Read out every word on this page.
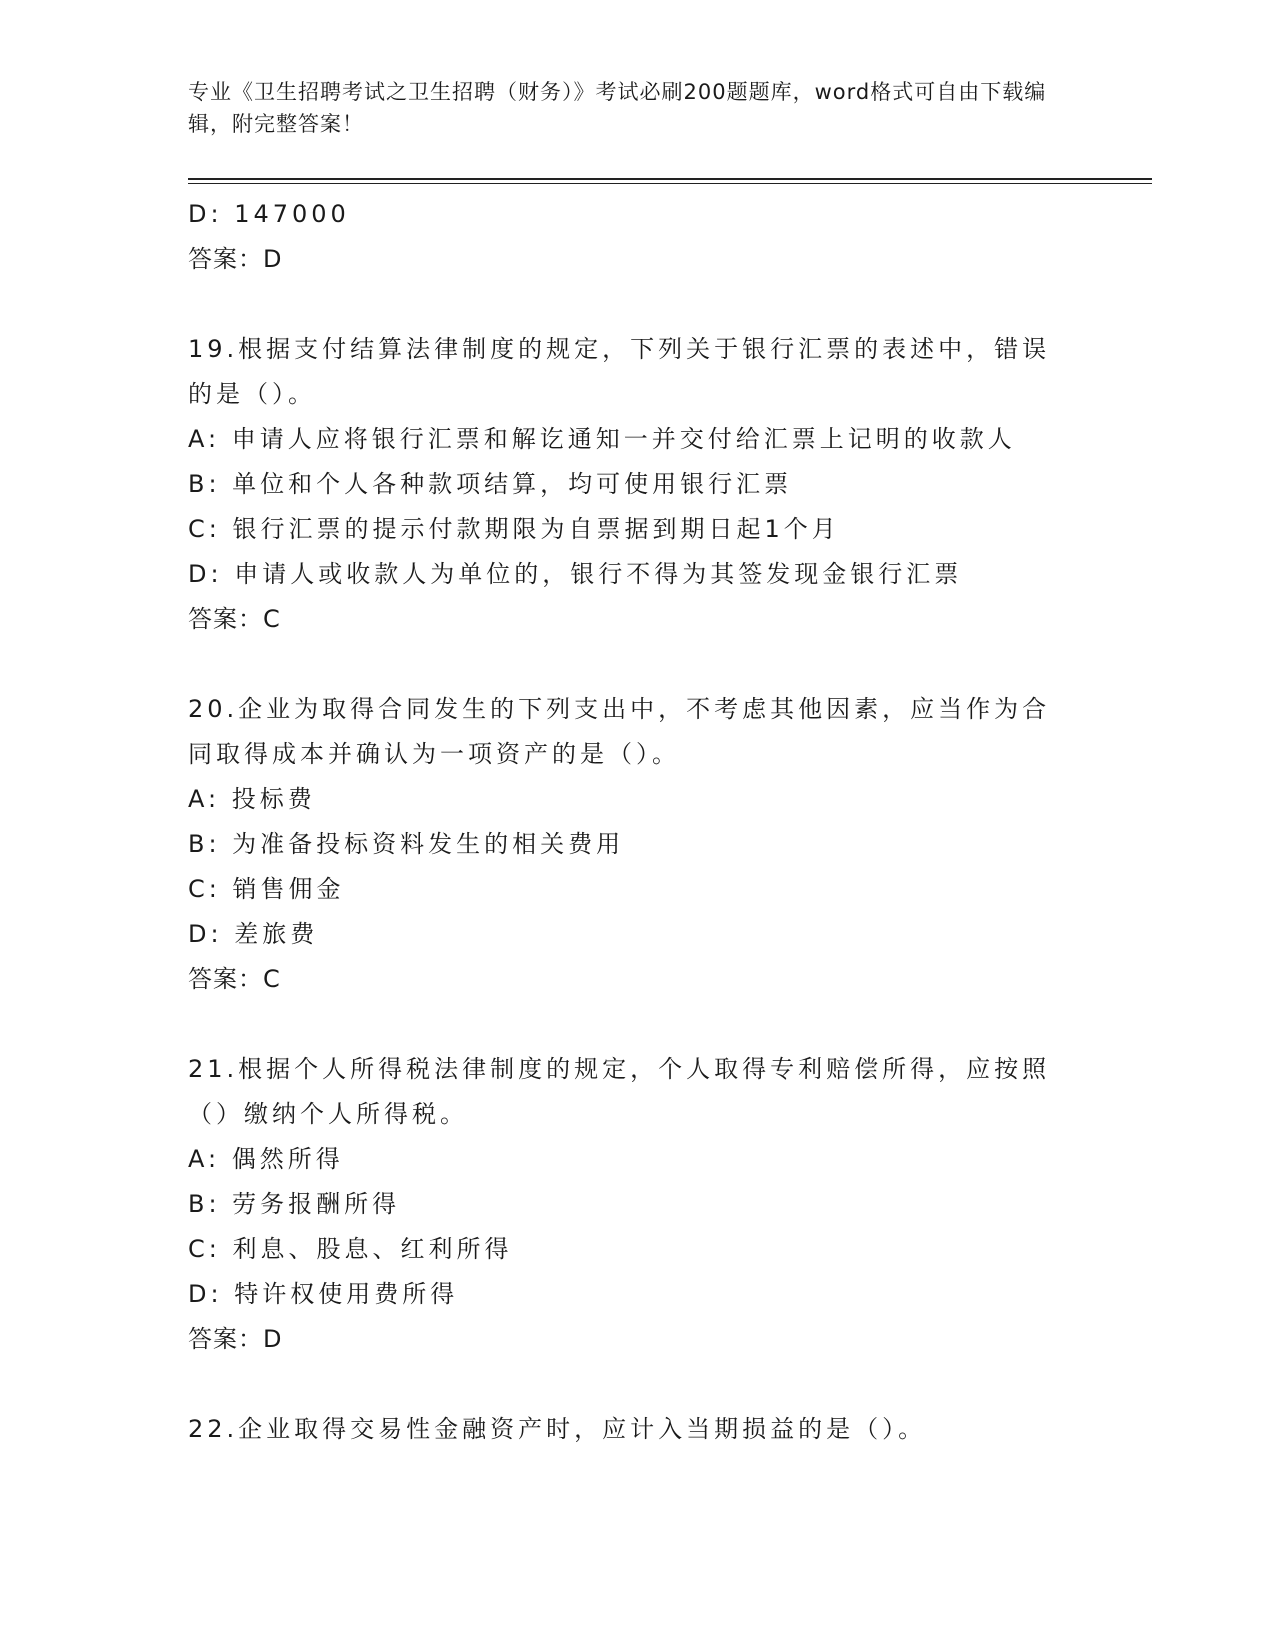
专业《卫生招聘考试之卫生招聘（财务）》考试必刷200题题库，word格式可自由下载编辑，附完整答案！
D: 147000
答案：D
19.根据支付结算法律制度的规定，下列关于银行汇票的表述中，错误的是（）。
A: 申请人应将银行汇票和解讫通知一并交付给汇票上记明的收款人
B: 单位和个人各种款项结算，均可使用银行汇票
C: 银行汇票的提示付款期限为自票据到期日起1个月
D: 申请人或收款人为单位的，银行不得为其签发现金银行汇票
答案：C
20.企业为取得合同发生的下列支出中，不考虑其他因素，应当作为合同取得成本并确认为一项资产的是（）。
A: 投标费
B: 为准备投标资料发生的相关费用
C: 销售佣金
D: 差旅费
答案：C
21.根据个人所得税法律制度的规定，个人取得专利赔偿所得，应按照（）缴纳个人所得税。
A: 偶然所得
B: 劳务报酬所得
C: 利息、股息、红利所得
D: 特许权使用费所得
答案：D
22.企业取得交易性金融资产时，应计入当期损益的是（）。
